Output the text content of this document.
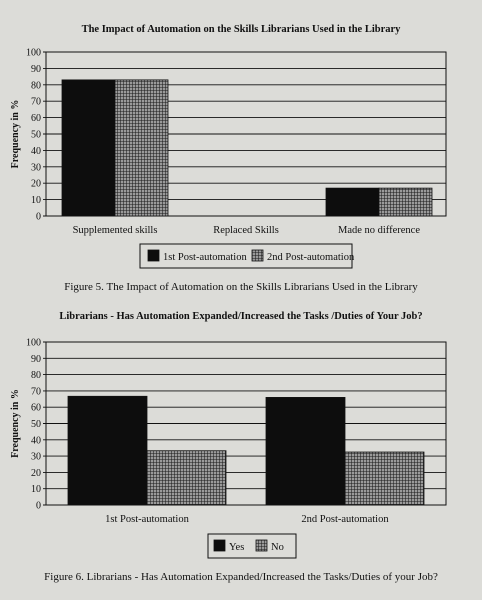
The Impact of Automation on the Skills Librarians Used in the Library
Figure 5. The Impact of Automation on the Skills Librarians Used in the Library
Librarians - Has Automation Expanded/Increased the Tasks /Duties of Your Job?
Figure 6. Librarians - Has Automation Expanded/Increased the Tasks/Duties of your Job?
0
10
20
30
40
50
60
70
80
90
100
Frequency in %
Supplemented skills	Replaced Skills	Made no difference
1st Post-automation 2nd Post-automation
0
10
20
30
40
50
60
70
80
90
100
Frequency in %
1st Post-automation	2nd Post-automation
Yes	No
